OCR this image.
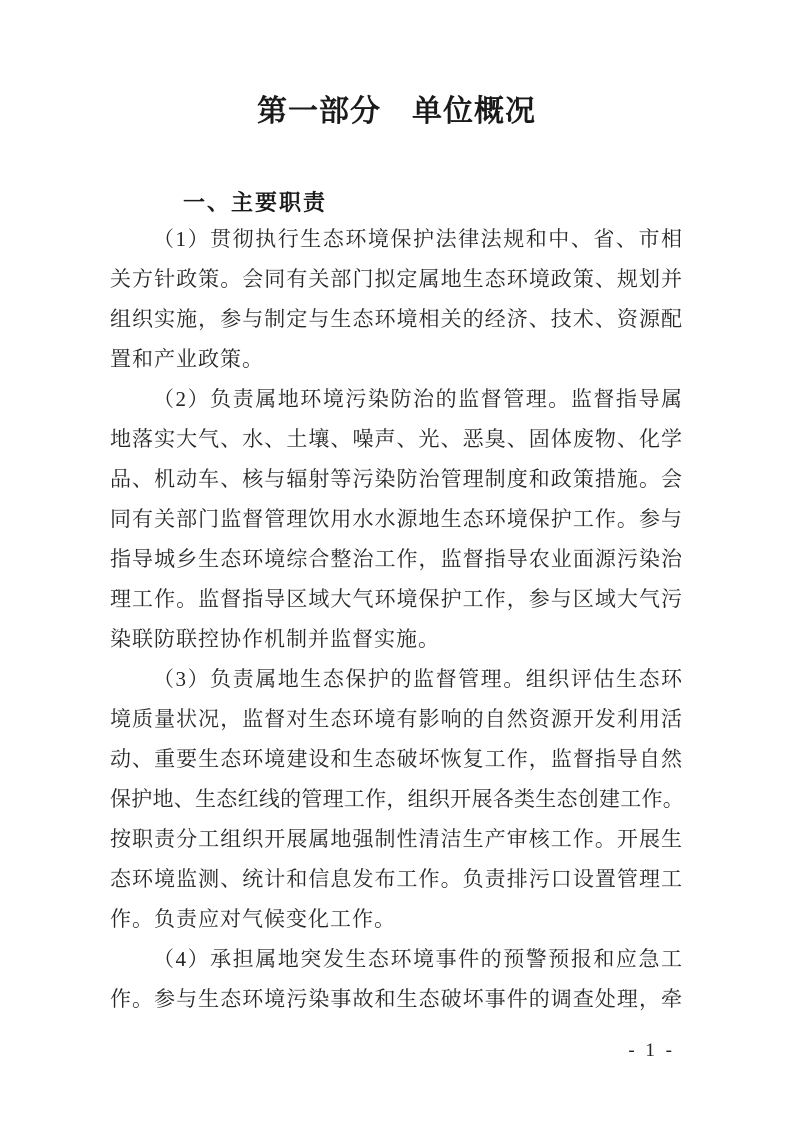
第一部分　单位概况
一、主要职责
（1）贯彻执行生态环境保护法律法规和中、省、市相
关方针政策。会同有关部门拟定属地生态环境政策、规划并
组织实施，参与制定与生态环境相关的经济、技术、资源配
置和产业政策。
（2）负责属地环境污染防治的监督管理。监督指导属
地落实大气、水、土壤、噪声、光、恶臭、固体废物、化学
品、机动车、核与辐射等污染防治管理制度和政策措施。会
同有关部门监督管理饮用水水源地生态环境保护工作。参与
指导城乡生态环境综合整治工作，监督指导农业面源污染治
理工作。监督指导区域大气环境保护工作，参与区域大气污
染联防联控协作机制并监督实施。
（3）负责属地生态保护的监督管理。组织评估生态环
境质量状况，监督对生态环境有影响的自然资源开发利用活
动、重要生态环境建设和生态破坏恢复工作，监督指导自然
保护地、生态红线的管理工作，组织开展各类生态创建工作。
按职责分工组织开展属地强制性清洁生产审核工作。开展生
态环境监测、统计和信息发布工作。负责排污口设置管理工
作。负责应对气候变化工作。
（4）承担属地突发生态环境事件的预警预报和应急工
作。参与生态环境污染事故和生态破坏事件的调查处理，牵
- 1 -
